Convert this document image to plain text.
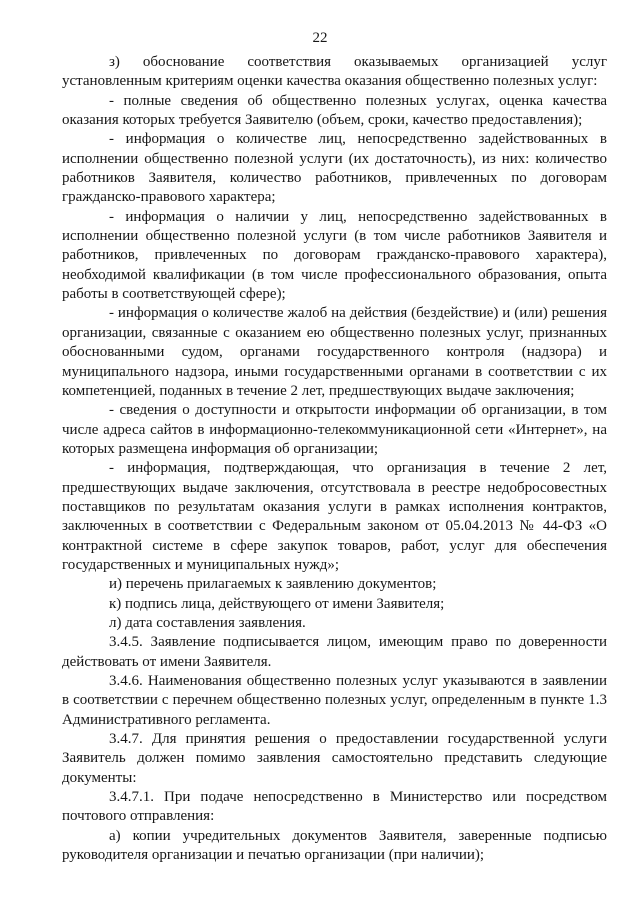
22

з) обоснование соответствия оказываемых организацией услуг установленным критериям оценки качества оказания общественно полезных услуг:

- полные сведения об общественно полезных услугах, оценка качества оказания которых требуется Заявителю (объем, сроки, качество предоставления);

- информация о количестве лиц, непосредственно задействованных в исполнении общественно полезной услуги (их достаточность), из них: количество работников Заявителя, количество работников, привлеченных по договорам гражданско-правового характера;

- информация о наличии у лиц, непосредственно задействованных в исполнении общественно полезной услуги (в том числе работников Заявителя и работников, привлеченных по договорам гражданско-правового характера), необходимой квалификации (в том числе профессионального образования, опыта работы в соответствующей сфере);

- информация о количестве жалоб на действия (бездействие) и (или) решения организации, связанные с оказанием ею общественно полезных услуг, признанных обоснованными судом, органами государственного контроля (надзора) и муниципального надзора, иными государственными органами в соответствии с их компетенцией, поданных в течение 2 лет, предшествующих выдаче заключения;

- сведения о доступности и открытости информации об организации, в том числе адреса сайтов в информационно-телекоммуникационной сети «Интернет», на которых размещена информация об организации;

- информация, подтверждающая, что организация в течение 2 лет, предшествующих выдаче заключения, отсутствовала в реестре недобросовестных поставщиков по результатам оказания услуги в рамках исполнения контрактов, заключенных в соответствии с Федеральным законом от 05.04.2013 № 44-ФЗ «О контрактной системе в сфере закупок товаров, работ, услуг для обеспечения государственных и муниципальных нужд»;

и) перечень прилагаемых к заявлению документов;

к) подпись лица, действующего от имени Заявителя;

л) дата составления заявления.

3.4.5. Заявление подписывается лицом, имеющим право по доверенности действовать от имени Заявителя.

3.4.6. Наименования общественно полезных услуг указываются в заявлении в соответствии с перечнем общественно полезных услуг, определенным в пункте 1.3 Административного регламента.

3.4.7. Для принятия решения о предоставлении государственной услуги Заявитель должен помимо заявления самостоятельно представить следующие документы:

3.4.7.1. При подаче непосредственно в Министерство или посредством почтового отправления:

а) копии учредительных документов Заявителя, заверенные подписью руководителя организации и печатью организации (при наличии);
